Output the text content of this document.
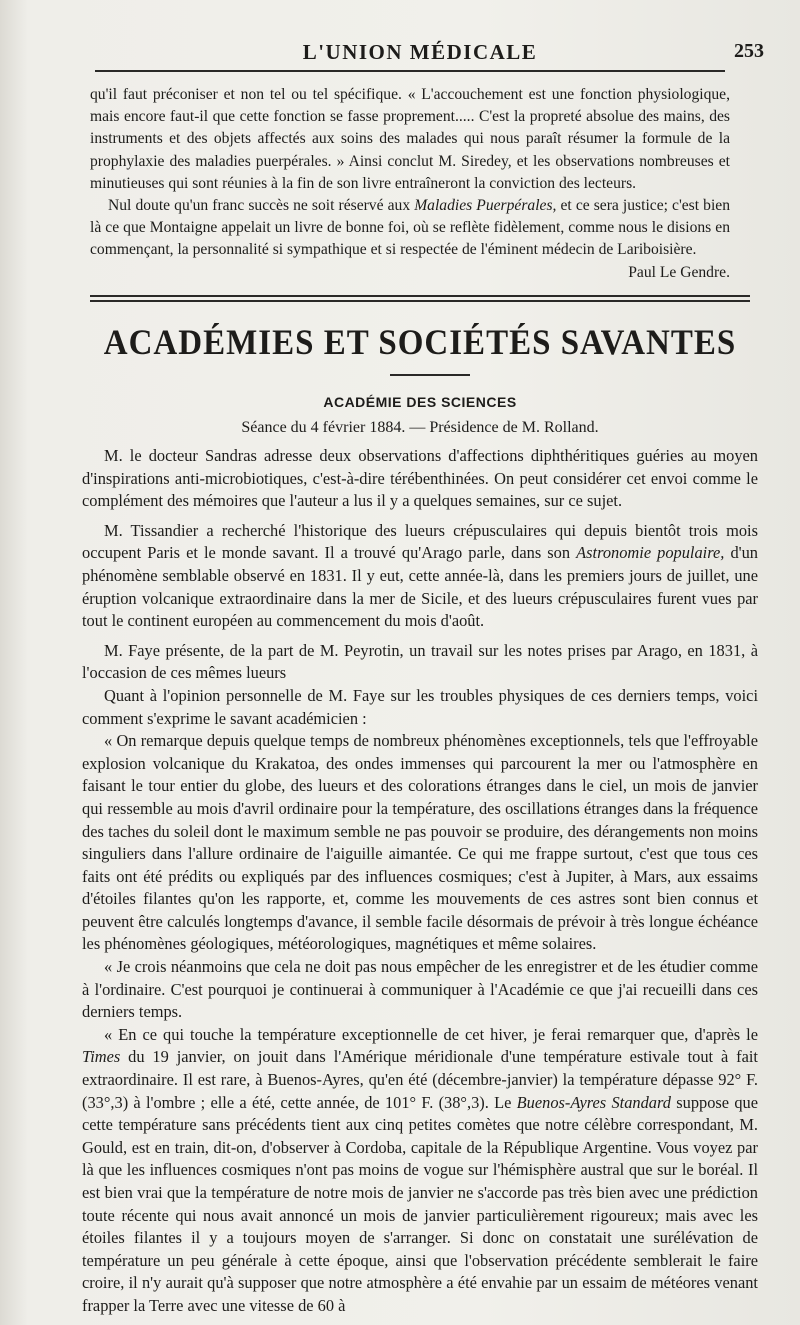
L'UNION MÉDICALE	253

qu'il faut préconiser et non tel ou tel spécifique. « L'accouchement est une fonction physiologique, mais encore faut-il que cette fonction se fasse proprement..... C'est la propreté absolue des mains, des instruments et des objets affectés aux soins des malades qui nous paraît résumer la formule de la prophylaxie des maladies puerpérales. » Ainsi conclut M. Siredey, et les observations nombreuses et minutieuses qui sont réunies à la fin de son livre entraîneront la conviction des lecteurs.

Nul doute qu'un franc succès ne soit réservé aux Maladies Puerpérales, et ce sera justice; c'est bien là ce que Montaigne appelait un livre de bonne foi, où se reflète fidèlement, comme nous le disions en commençant, la personnalité si sympathique et si respectée de l'éminent médecin de Lariboisière.
Paul Le Gendre.

ACADÉMIES ET SOCIÉTÉS SAVANTES
ACADÉMIE DES SCIENCES
Séance du 4 février 1884. — Présidence de M. Rolland.

M. le docteur Sandras adresse deux observations d'affections diphthéritiques guéries au moyen d'inspirations anti-microbiotiques, c'est-à-dire térébenthinées. On peut considérer cet envoi comme le complément des mémoires que l'auteur a lus il y a quelques semaines, sur ce sujet.

M. Tissandier a recherché l'historique des lueurs crépusculaires qui depuis bientôt trois mois occupent Paris et le monde savant. Il a trouvé qu'Arago parle, dans son Astronomie populaire, d'un phénomène semblable observé en 1831. Il y eut, cette année-là, dans les premiers jours de juillet, une éruption volcanique extraordinaire dans la mer de Sicile, et des lueurs crépusculaires furent vues par tout le continent européen au commencement du mois d'août.

M. Faye présente, de la part de M. Peyrotin, un travail sur les notes prises par Arago, en 1831, à l'occasion de ces mêmes lueurs

Quant à l'opinion personnelle de M. Faye sur les troubles physiques de ces derniers temps, voici comment s'exprime le savant académicien :

« On remarque depuis quelque temps de nombreux phénomènes exceptionnels, tels que l'effroyable explosion volcanique du Krakatoa, des ondes immenses qui parcourent la mer ou l'atmosphère en faisant le tour entier du globe, des lueurs et des colorations étranges dans le ciel, un mois de janvier qui ressemble au mois d'avril ordinaire pour la température, des oscillations étranges dans la fréquence des taches du soleil dont le maximum semble ne pas pouvoir se produire, des dérangements non moins singuliers dans l'allure ordinaire de l'aiguille aimantée. Ce qui me frappe surtout, c'est que tous ces faits ont été prédits ou expliqués par des influences cosmiques; c'est à Jupiter, à Mars, aux essaims d'étoiles filantes qu'on les rapporte, et, comme les mouvements de ces astres sont bien connus et peuvent être calculés longtemps d'avance, il semble facile désormais de prévoir à très longue échéance les phénomènes géologiques, météorologiques, magnétiques et même solaires.

« Je crois néanmoins que cela ne doit pas nous empêcher de les enregistrer et de les étudier comme à l'ordinaire. C'est pourquoi je continuerai à communiquer à l'Académie ce que j'ai recueilli dans ces derniers temps.

« En ce qui touche la température exceptionnelle de cet hiver, je ferai remarquer que, d'après le Times du 19 janvier, on jouit dans l'Amérique méridionale d'une température estivale tout à fait extraordinaire. Il est rare, à Buenos-Ayres, qu'en été (décembre-janvier) la température dépasse 92° F. (33°,3) à l'ombre ; elle a été, cette année, de 101° F. (38°,3). Le Buenos-Ayres Standard suppose que cette température sans précédents tient aux cinq petites comètes que notre célèbre correspondant, M. Gould, est en train, dit-on, d'observer à Cordoba, capitale de la République Argentine. Vous voyez par là que les influences cosmiques n'ont pas moins de vogue sur l'hémisphère austral que sur le boréal. Il est bien vrai que la température de notre mois de janvier ne s'accorde pas très bien avec une prédiction toute récente qui nous avait annoncé un mois de janvier particulièrement rigoureux; mais avec les étoiles filantes il y a toujours moyen de s'arranger. Si donc on constatait une surélévation de température un peu générale à cette époque, ainsi que l'observation précédente semblerait le faire croire, il n'y aurait qu'à supposer que notre atmosphère a été envahie par un essaim de météores venant frapper la Terre avec une vitesse de 60 à
